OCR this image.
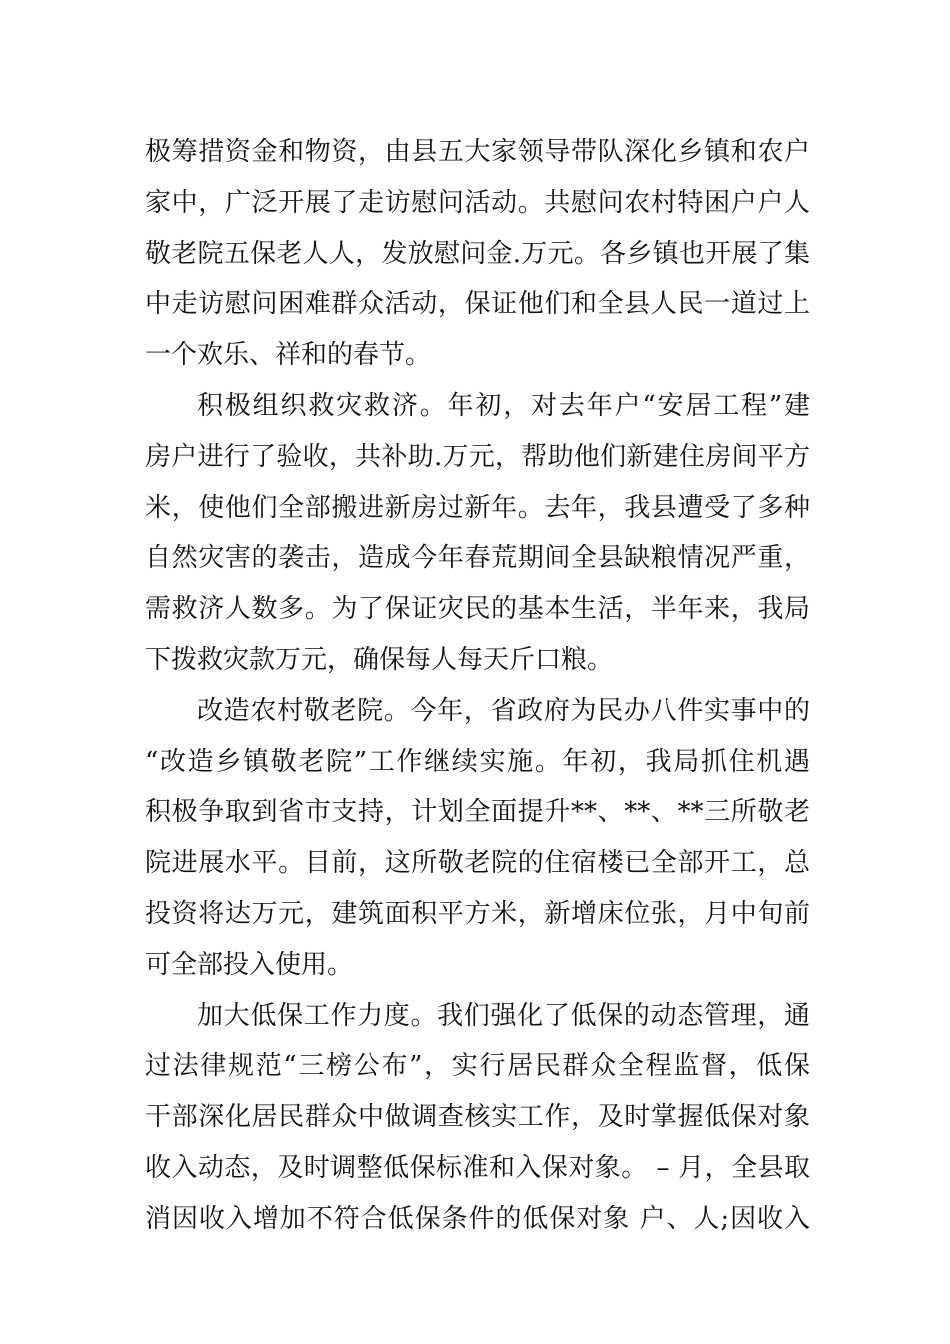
极筹措资金和物资，由县五大家领导带队深化乡镇和农户
家中，广泛开展了走访慰问活动。共慰问农村特困户户人
敬老院五保老人人，发放慰问金.万元。各乡镇也开展了集
中走访慰问困难群众活动，保证他们和全县人民一道过上
一个欢乐、祥和的春节。
积极组织救灾救济。年初，对去年户“安居工程”建
房户进行了验收，共补助.万元，帮助他们新建住房间平方
米，使他们全部搬进新房过新年。去年，我县遭受了多种
自然灾害的袭击，造成今年春荒期间全县缺粮情况严重，
需救济人数多。为了保证灾民的基本生活，半年来，我局
下拨救灾款万元，确保每人每天斤口粮。
改造农村敬老院。今年，省政府为民办八件实事中的
“改造乡镇敬老院”工作继续实施。年初，我局抓住机遇
积极争取到省市支持，计划全面提升**、**、**三所敬老
院进展水平。目前，这所敬老院的住宿楼已全部开工，总
投资将达万元，建筑面积平方米，新增床位张，月中旬前
可全部投入使用。
加大低保工作力度。我们强化了低保的动态管理，通
过法律规范“三榜公布”，实行居民群众全程监督，低保
干部深化居民群众中做调查核实工作，及时掌握低保对象
收入动态，及时调整低保标准和入保对象。 – 月，全县取
消因收入增加不符合低保条件的低保对象 户、人;因收入
